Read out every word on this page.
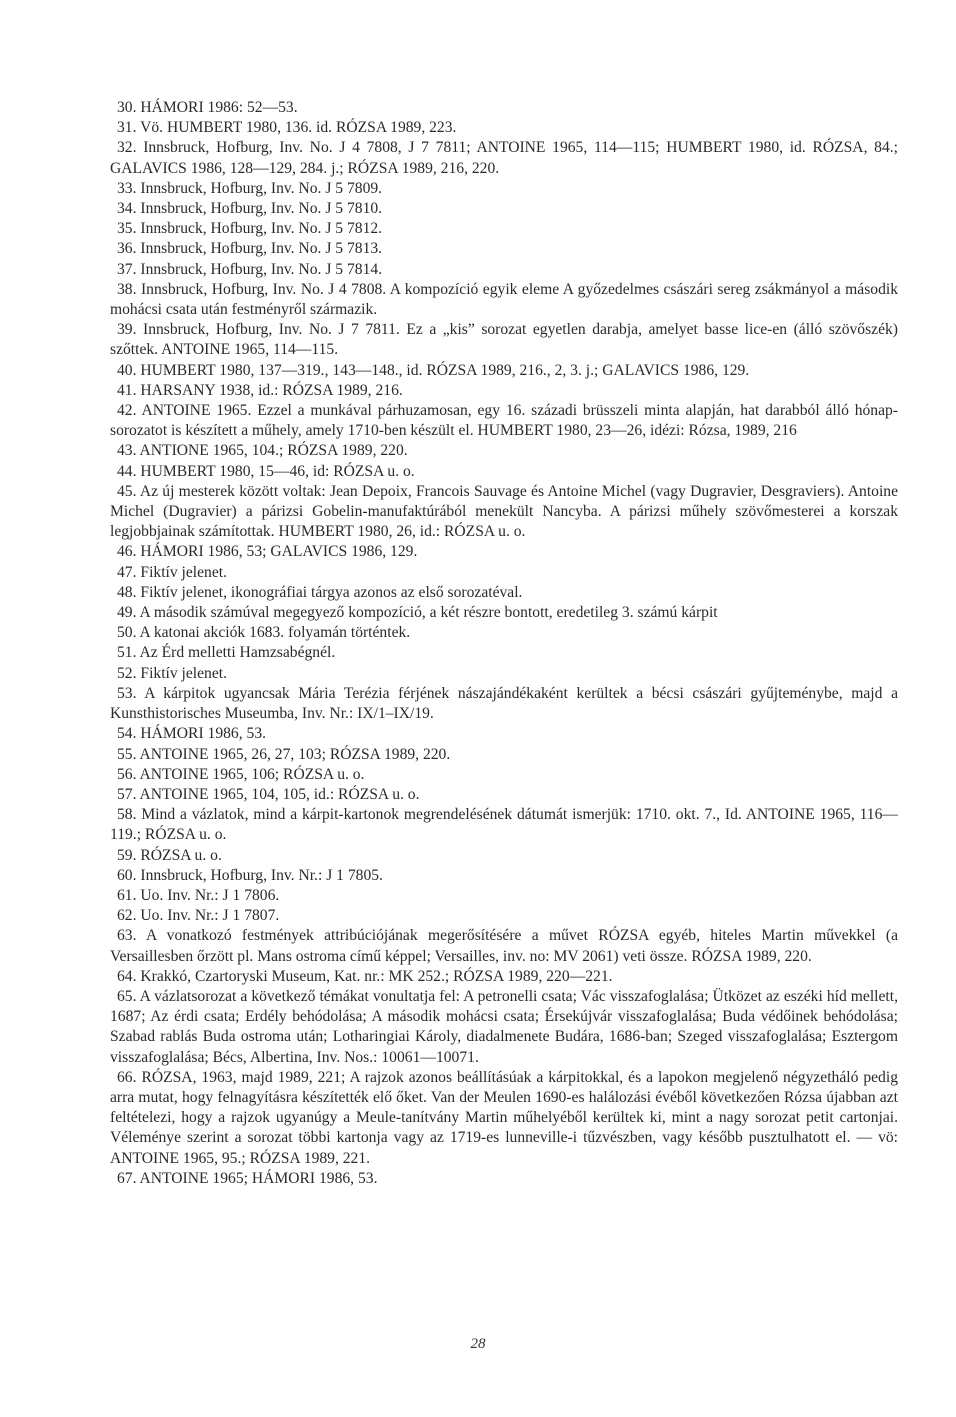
30. HÁMORI 1986: 52—53.

31. Vö. HUMBERT 1980, 136. id. RÓZSA 1989, 223.

32. Innsbruck, Hofburg, Inv. No. J 4 7808, J 7 7811; ANTOINE 1965, 114—115; HUMBERT 1980, id. RÓZSA, 84.; GALAVICS 1986, 128—129, 284. j.; RÓZSA 1989, 216, 220.

33. Innsbruck, Hofburg, Inv. No. J 5 7809.

34. Innsbruck, Hofburg, Inv. No. J 5 7810.

35. Innsbruck, Hofburg, Inv. No. J 5 7812.

36. Innsbruck, Hofburg, Inv. No. J 5 7813.

37. Innsbruck, Hofburg, Inv. No. J 5 7814.

38. Innsbruck, Hofburg, Inv. No. J 4 7808. A kompozíció egyik eleme A győzedelmes császári sereg zsákmányol a második mohácsi csata után festményről származik.

39. Innsbruck, Hofburg, Inv. No. J 7 7811. Ez a „kis” sorozat egyetlen darabja, amelyet basse lice-en (álló szövőszék) szőttek. ANTOINE 1965, 114—115.

40. HUMBERT 1980, 137—319., 143—148., id. RÓZSA 1989, 216., 2, 3. j.; GALAVICS 1986, 129.

41. HARSANY 1938, id.: RÓZSA 1989, 216.

42. ANTOINE 1965. Ezzel a munkával párhuzamosan, egy 16. századi brüsszeli minta alapján, hat darabból álló hónap-sorozatot is készített a műhely, amely 1710-ben készült el. HUMBERT 1980, 23—26, idézi: Rózsa, 1989, 216

43. ANTIONE 1965, 104.; RÓZSA 1989, 220.

44. HUMBERT 1980, 15—46, id: RÓZSA u. o.

45. Az új mesterek között voltak: Jean Depoix, Francois Sauvage és Antoine Michel (vagy Dugravier, Desgraviers). Antoine Michel (Dugravier) a párizsi Gobelin-manufaktúrából menekült Nancyba. A párizsi műhely szövőmesterei a korszak legjobbjainak számítottak. HUMBERT 1980, 26, id.: RÓZSA u. o.

46. HÁMORI 1986, 53; GALAVICS 1986, 129.

47. Fiktív jelenet.

48. Fiktív jelenet, ikonográfiai tárgya azonos az első sorozatéval.

49. A második számúval megegyező kompozíció, a két részre bontott, eredetileg 3. számú kárpit

50. A katonai akciók 1683. folyamán történtek.

51. Az Érd melletti Hamzsabégnél.

52. Fiktív jelenet.

53. A kárpitok ugyancsak Mária Terézia férjének nászajándékaként kerültek a bécsi császári gyűjteménybe, majd a Kunsthistorisches Museumba, Inv. Nr.: IX/1–IX/19.

54. HÁMORI 1986, 53.

55. ANTOINE 1965, 26, 27, 103; RÓZSA 1989, 220.

56. ANTOINE 1965, 106; RÓZSA u. o.

57. ANTOINE 1965, 104, 105, id.: RÓZSA u. o.

58. Mind a vázlatok, mind a kárpit-kartonok megrendelésének dátumát ismerjük: 1710. okt. 7., Id. ANTOINE 1965, 116—119.; RÓZSA u. o.

59. RÓZSA u. o.

60. Innsbruck, Hofburg, Inv. Nr.: J 1 7805.

61. Uo. Inv. Nr.: J 1 7806.

62. Uo. Inv. Nr.: J 1 7807.

63. A vonatkozó festmények attribúciójának megerősítésére a művet RÓZSA egyéb, hiteles Martin művekkel (a Versaillesben őrzött pl. Mans ostroma című képpel; Versailles, inv. no: MV 2061) veti össze. RÓZSA 1989, 220.

64. Krakkó, Czartoryski Museum, Kat. nr.: MK 252.; RÓZSA 1989, 220—221.

65. A vázlatsorozat a következő témákat vonultatja fel: A petronelli csata; Vác visszafoglalása; Ütközet az eszéki híd mellett, 1687; Az érdi csata; Erdély behódolása; A második mohácsi csata; Érsekújvár visszafoglalása; Buda védőinek behódolása; Szabad rablás Buda ostroma után; Lotharingiai Károly, diadalmenete Budára, 1686-ban; Szeged visszafoglalása; Esztergom visszafoglalása; Bécs, Albertina, Inv. Nos.: 10061—10071.

66. RÓZSA, 1963, majd 1989, 221; A rajzok azonos beállításúak a kárpitokkal, és a lapokon megjelenő négyzetháló pedig arra mutat, hogy felnagyításra készítették elő őket. Van der Meulen 1690-es halálozási évéből következően Rózsa újabban azt feltételezi, hogy a rajzok ugyanúgy a Meule-tanítvány Martin műhelyéből kerültek ki, mint a nagy sorozat petit cartonjai. Véleménye szerint a sorozat többi kartonja vagy az 1719-es lunneville-i tűzvészben, vagy később pusztulhatott el. — vö: ANTOINE 1965, 95.; RÓZSA 1989, 221.

67. ANTOINE 1965; HÁMORI 1986, 53.

28
